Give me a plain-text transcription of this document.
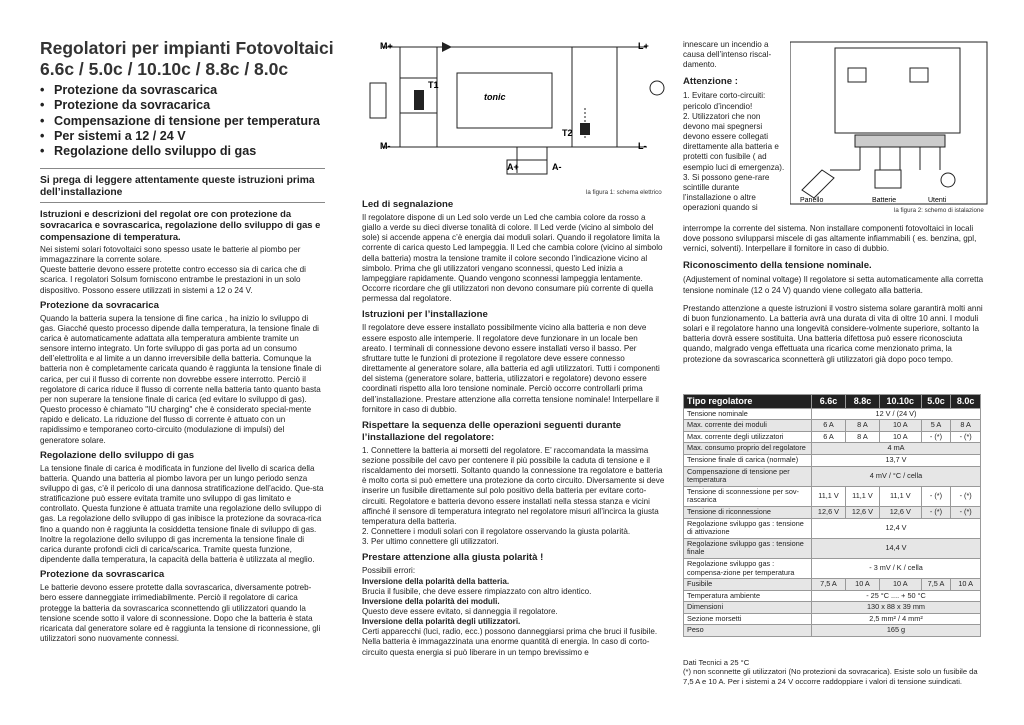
Regolatori per impianti Fotovoltaici
6.6c / 5.0c / 10.10c / 8.8c / 8.0c
• Protezione da sovrascarica
• Protezione da sovracarica
• Compensazione di tensione per temperatura
• Per sistemi a 12 / 24 V
• Regolazione dello sviluppo di gas
Si prega di leggere attentamente queste istruzioni prima dell’installazione
Istruzioni e descrizioni del regolat ore con protezione da sovracarica e sovrascarica, regolazione dello sviluppo di gas e compensazione di temperatura.
Nei sistemi solari fotovoltaici sono spesso usate le batterie al piombo per immagazzinare la corrente solare.
Queste batterie devono essere protette contro eccesso sia di carica che di scarica. I regolatori Solsum forniscono entrambe le prestazioni in un solo dispositivo. Possono essere utilizzati in sistemi a 12 o 24 V.
Protezione da sovracarica
Quando la batteria supera la tensione di fine carica , ha inizio lo sviluppo di gas. Giacché questo processo dipende dalla temperatura, la tensione finale di carica è automaticamente adattata alla temperatura ambiente tramite un sensore interno integrato. Un forte sviluppo di gas porta ad un consumo dell’elettrolita e al limite a un danno irreversibile della batteria. Comunque la batteria non è completamente caricata quando è raggiunta la tensione finale di carica, per cui il flusso di corrente non dovrebbe essere interrotto. Perciò il regolatore di carica riduce il flusso di corrente nella batteria tanto quanto basta per non superare la tensione finale di carica (ed evitare lo sviluppo di gas). Questo processo è chiamato "IU charging" che è considerato special-mente rapido e delicato. La riduzione del flusso di corrente è attuato con un rapidissimo e temporaneo corto-circuito (modulazione di impulsi) del generatore solare.
Regolazione dello sviluppo di gas
La tensione finale di carica è modificata in funzione del livello di scarica della batteria. Quando una batteria al piombo lavora per un lungo periodo senza sviluppo di gas, c’è il pericolo di una dannosa stratificazione dell’acido. Que-sta stratificazione può essere evitata tramite uno sviluppo di gas limitato e controllato. Questa funzione è attuata tramite una regolazione dello sviluppo di gas. La regolazione dello sviluppo di gas inibisce la protezione da sovraca-rica fino a quando non è raggiunta la cosiddetta tensione finale di sviluppo di gas. Inoltre la regolazione dello sviluppo di gas incrementa la tensione finale di carica durante profondi cicli di carica/scarica. Tramite questa funzione, dipendente dalla temperatura, la capacità della batteria è utilizzata al meglio.
Protezione da sovrascarica
Le batterie devono essere protette dalla sovrascarica, diversamente potreb-bero essere danneggiate irrimediabilmente. Perciò il regolatore di carica protegge la batteria da sovrascarica sconnettendo gli utilizzatori quando la tensione scende sotto il valore di sconnessione. Dopo che la batteria è stata ricaricata dal generatore solare ed è raggiunta la tensione di riconnessione, gli utilizzatori sono nuovamente connessi.
M+
M-
L+
L-
A+	A-
T1
T2
tonic
la figura 1: schema elettrico
Led di segnalazione
Il regolatore dispone di un Led solo verde un Led che cambia colore da rosso a giallo a verde su dieci diverse tonalità di colore. Il Led verde (vicino al simbolo del sole) si accende appena c’è energia dai moduli solari. Quando il regolatore limita la corrente di carica questo Led lampeggia. Il Led che cambia colore (vicino al simbolo della batteria) mostra la tensione tramite il colore secondo l’indicazione vicino al simbolo. Prima che gli utilizzatori vengano sconnessi, questo Led inizia a lampeggiare rapidamente. Quando vengono sconnessi lampeggia lentamente.
Occorre ricordare che gli utilizzatori non devono consumare più corrente di quella permessa dal regolatore.
Istruzioni per l’installazione
Il regolatore deve essere installato possibilmente vicino alla batteria e non deve essere esposto alle intemperie. Il regolatore deve funzionare in un locale ben areato. I terminali di connessione devono essere installati verso il basso. Per sfruttare tutte le funzioni di protezione il regolatore deve essere connesso direttamente al generatore solare, alla batteria ed agli utilizzatori. Tutti i componenti del sistema (generatore solare, batteria, utilizzatori e regolatore) devono essere coordinati rispetto alla loro tensione nominale. Perciò occorre controllarli prima dell’installazione. Prestare attenzione alla corretta tensione nominale! Interpellare il fornitore in caso di dubbio.
Rispettare la sequenza delle operazioni seguenti durante l’installazione del regolatore:
1. Connettere la batteria ai morsetti del regolatore. E’ raccomandata la massima sezione possibile del cavo per contenere il più possibile la caduta di tensione e il riscaldamento dei morsetti. Soltanto quando la connessione tra regolatore e batteria è molto corta si può emettere una protezione da corto circuito. Diversamente si deve inserire un fusibile direttamente sul polo positivo della batteria per evitare corto-circuiti. Regolatore e batteria devono essere installati nella stessa stanza e vicini affinché il sensore di temperatura integrato nel regolatore misuri all’incirca la giusta temperatura della batteria.
2. Connettere i moduli solari con il regolatore osservando la giusta polarità.
3. Per ultimo connettere gli utilizzatori.
Prestare attenzione alla giusta polarità !
Possibili errori:
Inversione della polarità della batteria.
Brucia il fusibile, che deve essere rimpiazzato con altro identico.
Inversione della polarità dei moduli.
Questo deve essere evitato, si danneggia il regolatore.
Inversione della polarità degli utilizzatori.
Certi apparecchi (luci, radio, ecc.) possono danneggiarsi prima che bruci il fusibile. Nella batteria è immagazzinata una enorme quantità di energia. In caso di corto-circuito questa energia si può liberare in un tempo brevissimo e
innescare un incendio a causa dell’intenso riscal-damento.
Attenzione :
1. Evitare corto-circuiti: pericolo d’incendio!
2. Utilizzatori che non devono mai spegnersi devono essere collegati direttamente alla batteria e protetti con fusibile ( ad esempio luci di emergenza).
3. Si possono gene-rare scintille durante l’installazione o altre operazioni quando si
Panello	Batterie	Utenti
la figura 2: schemo di istalazione
interrompe la corrente del sistema. Non installare componenti fotovoltaici in locali dove possono svilupparsi miscele di gas altamente infiammabili ( es. benzina, gpl, vernici, solventi). Interpellare il fornitore in caso di dubbio.
Riconoscimento della tensione nominale.
(Adjustement of nominal voltage) Il regolatore si setta automaticamente alla corretta tensione nominale (12 o 24 V) quando viene collegato alla batteria.
Prestando attenzione a queste istruzioni il vostro sistema solare garantirà molti anni di buon funzionamento. La batteria avrà una durata di vita di oltre 10 anni. I moduli solari e il regolatore hanno una longevità considere-volmente superiore, soltanto la batteria dovrà essere sostituita. Una batteria difettosa può essere riconosciuta quando, malgrado venga effettuata una ricarica come menzionato prima, la protezione da sovrascarica sconnetterà gli utilizzatori già dopo poco tempo.
Tipo regolatore	6.6c	8.8c	10.10c	5.0c	8.0c
Tensione nominale	12 V / (24 V)				
Max. corrente dei moduli	6 A	8 A	10 A	5 A	8 A
Max. corrente degli utilizzatori	6 A	8 A	10 A	- (*)	- (*)
Max. consumo proprio del regolatore	4 mA				
Tensione finale di carica (normale)	13,7 V				
Compensazione di tensione per temperatura	4 mV / °C / cella				
Tensione di sconnessione per sov-rascarica	11,1 V	11,1 V	11,1 V	- (*)	- (*)
Tensione di riconnessione	12,6 V	12,6 V	12,6 V	- (*)	- (*)
Regolazione sviluppo gas : tensione di attivazione	12,4 V				
Regolazione sviluppo gas : tensione finale	14,4 V				
Regolazione sviluppo gas : compensa-zione per temperatura	- 3 mV / K / cella				
Fusibile	7,5 A	10 A	10 A	7,5 A	10 A
Temperatura ambiente	- 25 °C .... + 50 °C				
Dimensioni	130 x 88 x 39 mm				
Sezione morsetti	2,5 mm² / 4 mm²				
Peso	165 g				
Dati Tecnici a 25 °C
(*) non sconnette gli utilizzatori (No protezioni da sovracarica). Esiste solo un fusibile da 7,5 A e 10 A. Per i sistemi a 24 V occorre raddoppiare i valori di tensione suindicati.
